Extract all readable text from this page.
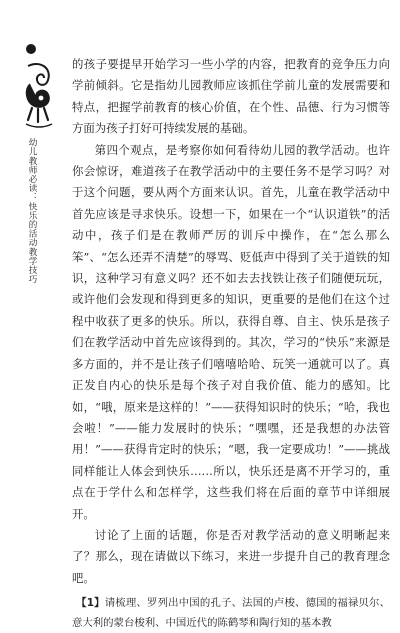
幼儿教师必读：快乐的活动教学技巧

的孩子要提早开始学习一些小学的内容，把教育的竞争压力向学前倾斜。它是指幼儿园教师应该抓住学前儿童的发展需要和特点，把握学前教育的核心价值，在个性、品德、行为习惯等方面为孩子打好可持续发展的基础。

第四个观点，是考察你如何看待幼儿园的教学活动。也许你会惊讶，难道孩子在教学活动中的主要任务不是学习吗？对于这个问题，要从两个方面来认识。首先，儿童在教学活动中首先应该是寻求快乐。设想一下，如果在一个“认识道铁”的活动中，孩子们是在教师严厉的训斥中操作，在“怎么那么笨”、“怎么还弄不清楚”的辱骂、贬低声中得到了关于道铁的知识，这种学习有意义吗？还不如去去找铁让孩子们随便玩玩，或许他们会发现和得到更多的知识，更重要的是他们在这个过程中收获了更多的快乐。所以，获得自尊、自主、快乐是孩子们在教学活动中首先应该得到的。其次，学习的“快乐”来源是多方面的，并不是让孩子们嘻嘻哈哈、玩笑一通就可以了。真正发自内心的快乐是每个孩子对自我价值、能力的感知。比如，“哦，原来是这样的！”——获得知识时的快乐；“哈，我也会啦！”——能力发展时的快乐；“嘿嘿，还是我想的办法管用！”——获得肯定时的快乐；“嗯，我一定要成功！”——挑战同样能让人体会到快乐……所以，快乐还是离不开学习的，重点在于学什么和怎样学，这些我们将在后面的章节中详细展开。

讨论了上面的话题，你是否对教学活动的意义明晰起来了？那么，现在请做以下练习，来进一步提升自己的教育理念吧。

【1】请梳理、罗列出中国的孔子、法国的卢梭、德国的福禄贝尔、意大利的蒙台梭利、中国近代的陈鹤琴和陶行知的基本教
